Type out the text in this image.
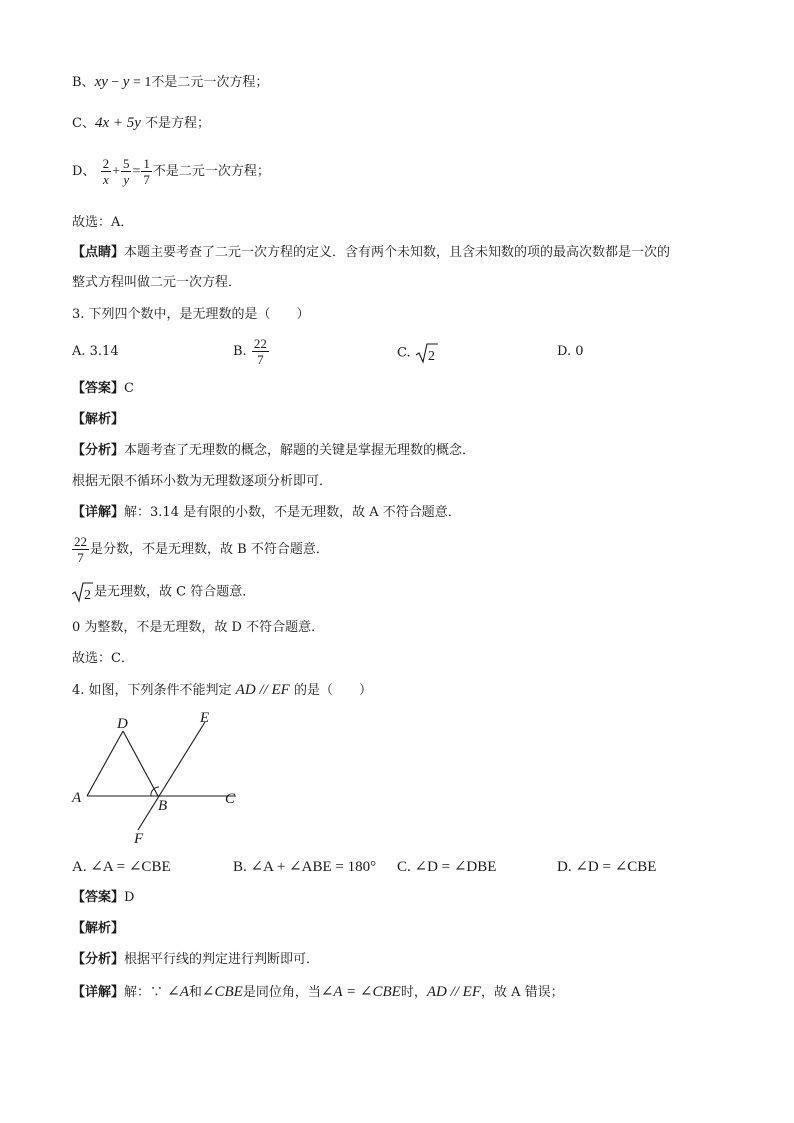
B、xy − y = 1不是二元一次方程；
C、4x + 5y 不是方程；
D、 $\frac{2}{x} + \frac{5}{y} = \frac{1}{7}$ 不是二元一次方程；
故选：A．
【点睛】本题主要考查了二元一次方程的定义．含有两个未知数，且含未知数的项的最高次数都是一次的
整式方程叫做二元一次方程．
3. 下列四个数中，是无理数的是（　　）
A. 3.14	B. $\frac{22}{7}$	C. 2	D. 0
【答案】C
【解析】
【分析】本题考查了无理数的概念，解题的关键是掌握无理数的概念．
根据无限不循环小数为无理数逐项分析即可．
【详解】解：3.14 是有限的小数，不是无理数，故 A 不符合题意．
$\frac{22}{7}$ 是分数，不是无理数，故 B 不符合题意．
2 是无理数，故 C 符合题意．
0 为整数，不是无理数，故 D 不符合题意．
故选：C．
4. 如图，下列条件不能判定 AD // EF 的是（　　）
D	E
A	B	C
F
A. ∠A = ∠CBE	B. ∠A + ∠ABE = 180° C. ∠D = ∠DBE	D. ∠D = ∠CBE
【答案】D
【解析】
【分析】根据平行线的判定进行判断即可．
【详解】解：∵ ∠A和∠CBE是同位角，当∠A = ∠CBE时，AD // EF，故 A 错误；
